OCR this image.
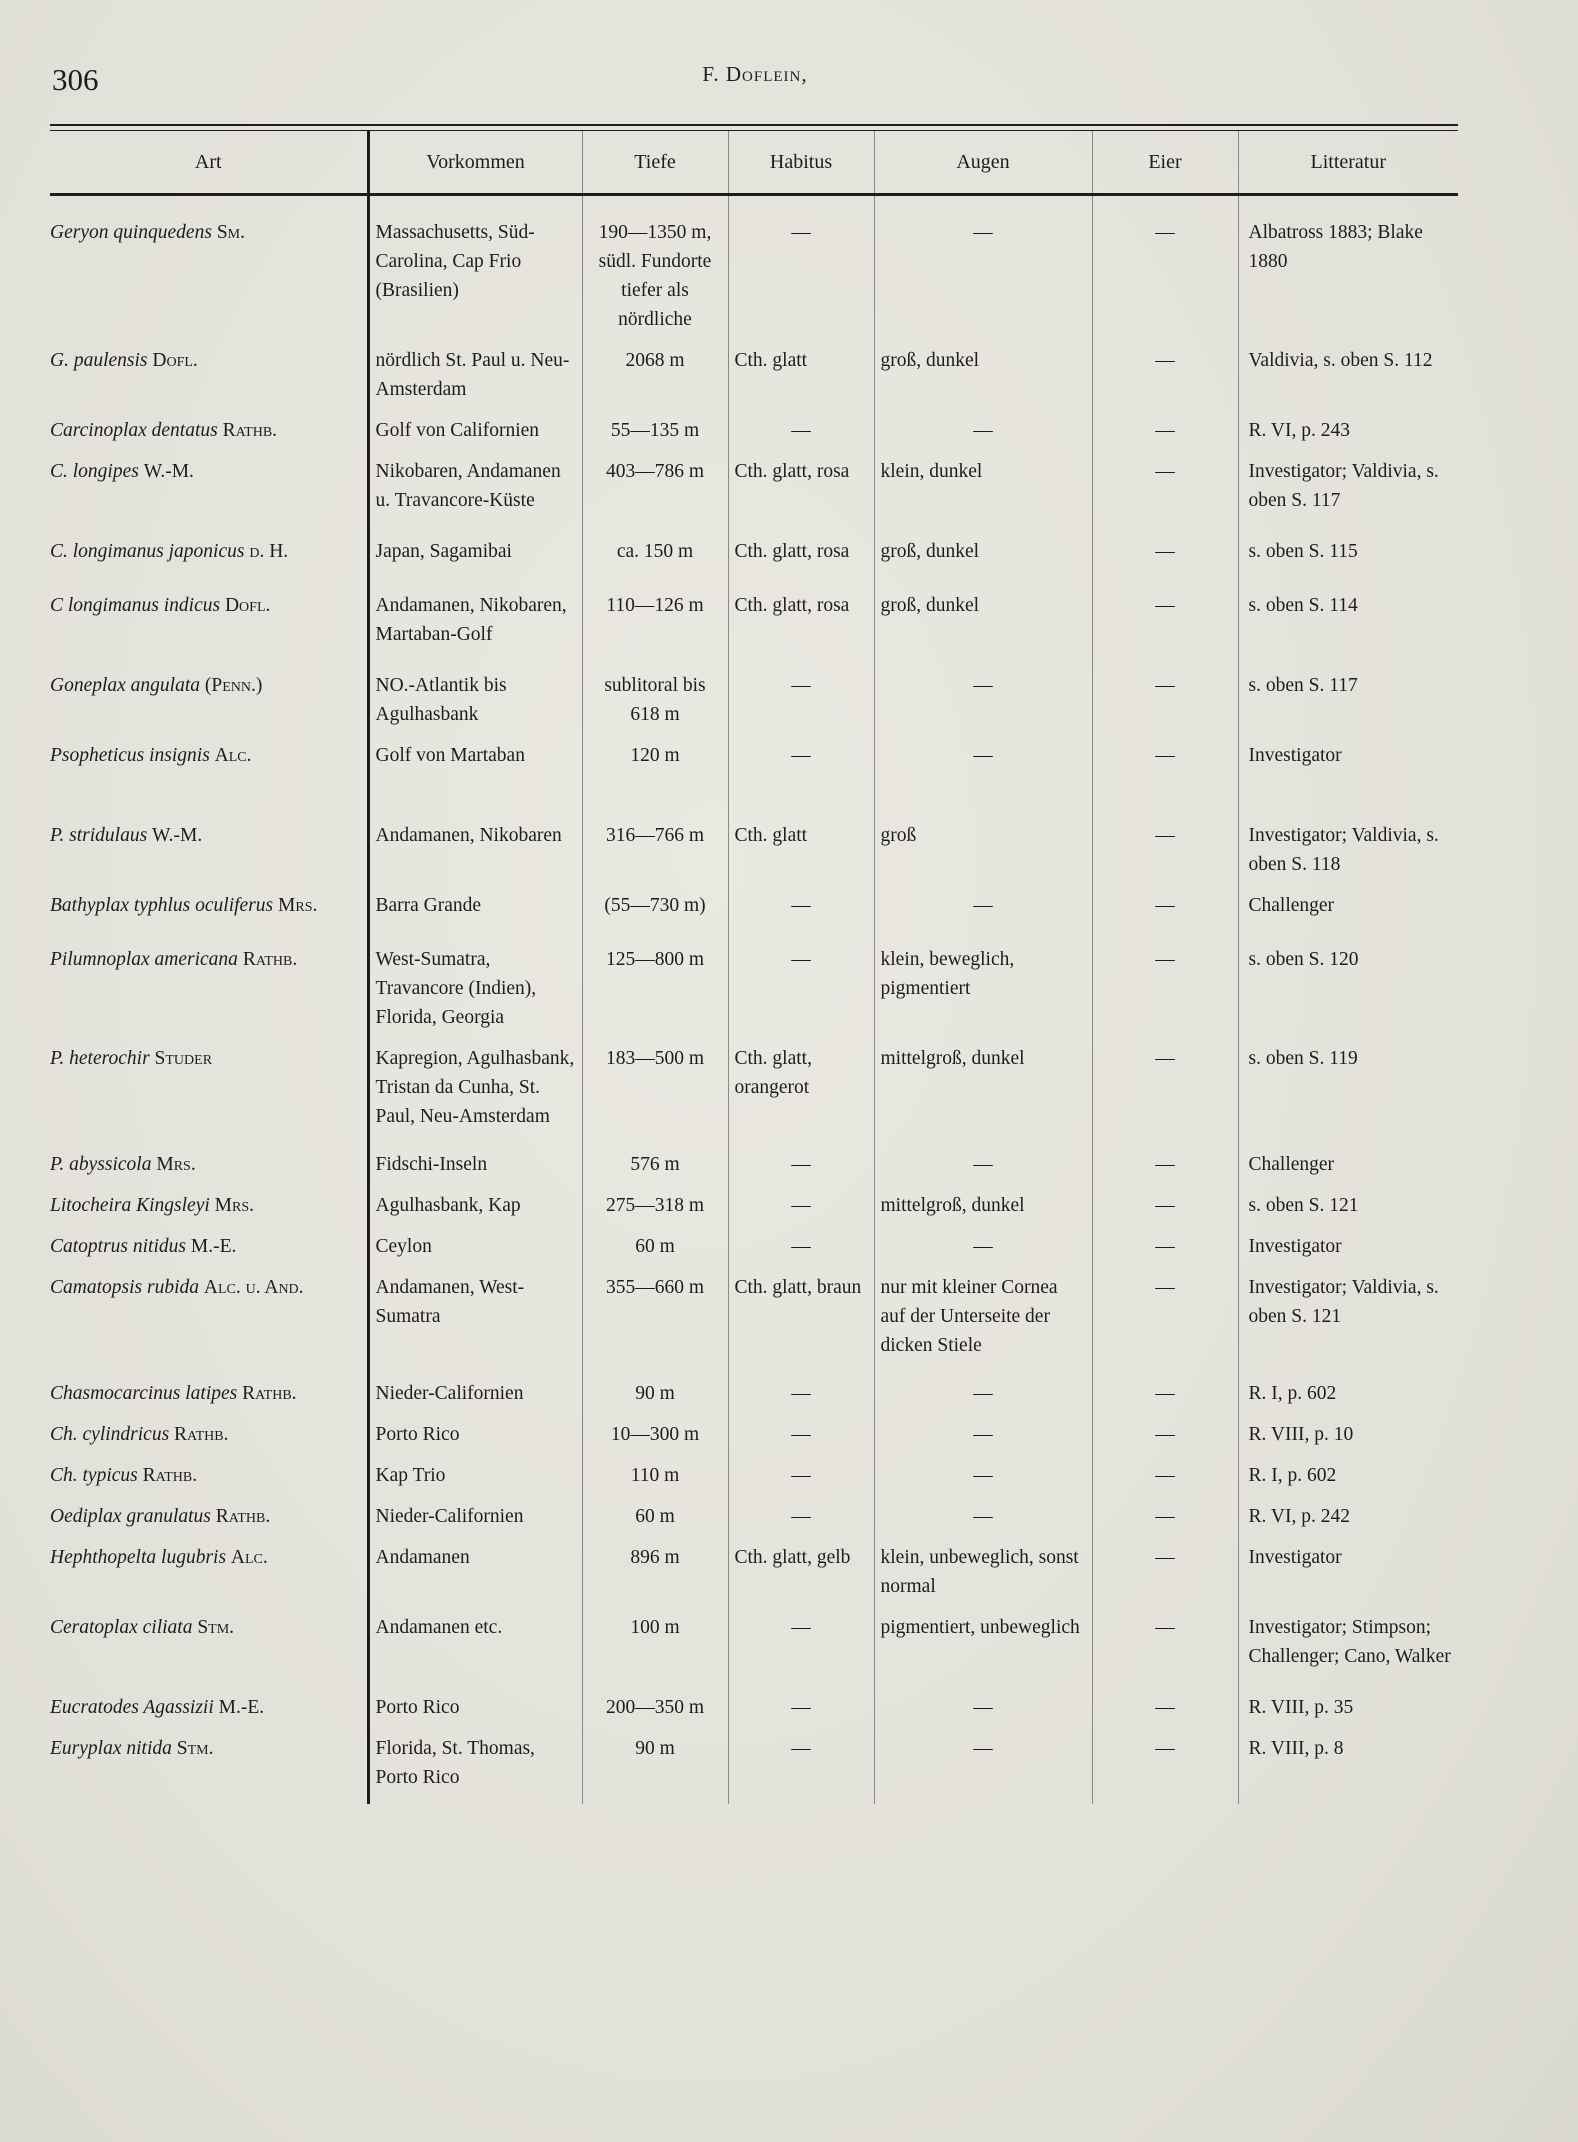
306	F. Doflein,
Art	Vorkommen	Tiefe	Habitus	Augen	Eier	Litteratur
Geryon quinquedens Sm.	Massachusetts, Süd-Carolina, Cap Frio (Brasilien)	190—1350 m, südl. Fundorte tiefer als nördliche	—	—	—	Albatross 1883; Blake 1880
G. paulensis Dofl.	nördlich St. Paul u. Neu-Amsterdam	2068 m	Cth. glatt	groß, dunkel	—	Valdivia, s. oben S. 112
Carcinoplax dentatus Rathb.	Golf von Californien	55—135 m	—	—	—	R. VI, p. 243
C. longipes W.-M.	Nikobaren, Andamanen u. Travancore-Küste	403—786 m	Cth. glatt, rosa	klein, dunkel	—	Investigator; Valdivia, s. oben S. 117
C. longimanus japonicus d. H.	Japan, Sagamibai	ca. 150 m	Cth. glatt, rosa	groß, dunkel	—	s. oben S. 115
C longimanus indicus Dofl.	Andamanen, Nikobaren, Martaban-Golf	110—126 m	Cth. glatt, rosa	groß, dunkel	—	s. oben S. 114
Goneplax angulata (Penn.)	NO.-Atlantik bis Agulhasbank	sublitoral bis 618 m	—	—	—	s. oben S. 117
Psopheticus insignis Alc.	Golf von Martaban	120 m	—	—	—	Investigator
P. stridulaus W.-M.	Andamanen, Nikobaren	316—766 m	Cth. glatt	groß	—	Investigator; Valdivia, s. oben S. 118
Bathyplax typhlus oculiferus Mrs.	Barra Grande	(55—730 m)	—	—	—	Challenger
Pilumnoplax americana Rathb.	West-Sumatra, Travancore (Indien), Florida, Georgia	125—800 m	—	klein, beweglich, pigmentiert	—	s. oben S. 120
P. heterochir Studer	Kapregion, Agulhasbank, Tristan da Cunha, St. Paul, Neu-Amsterdam	183—500 m	Cth. glatt, orangerot	mittelgroß, dunkel	—	s. oben S. 119
P. abyssicola Mrs.	Fidschi-Inseln	576 m	—	—	—	Challenger
Litocheira Kingsleyi Mrs.	Agulhasbank, Kap	275—318 m	—	mittelgroß, dunkel	—	s. oben S. 121
Catoptrus nitidus M.-E.	Ceylon	60 m	—	—	—	Investigator
Camatopsis rubida Alc. u. And.	Andamanen, West-Sumatra	355—660 m	Cth. glatt, braun	nur mit kleiner Cornea auf der Unterseite der dicken Stiele	—	Investigator; Valdivia, s. oben S. 121
Chasmocarcinus latipes Rathb.	Nieder-Californien	90 m	—	—	—	R. I, p. 602
Ch. cylindricus Rathb.	Porto Rico	10—300 m	—	—	—	R. VIII, p. 10
Ch. typicus Rathb.	Kap Trio	110 m	—	—	—	R. I, p. 602
Oediplax granulatus Rathb.	Nieder-Californien	60 m	—	—	—	R. VI, p. 242
Hephthopelta lugubris Alc.	Andamanen	896 m	Cth. glatt, gelb	klein, unbeweglich, sonst normal	—	Investigator
Ceratoplax ciliata Stm.	Andamanen etc.	100 m	—	pigmentiert, unbeweglich	—	Investigator; Stimpson; Challenger; Cano, Walker
Eucratodes Agassizii M.-E.	Porto Rico	200—350 m	—	—	—	R. VIII, p. 35
Euryplax nitida Stm.	Florida, St. Thomas, Porto Rico	90 m	—	—	—	R. VIII, p. 8
